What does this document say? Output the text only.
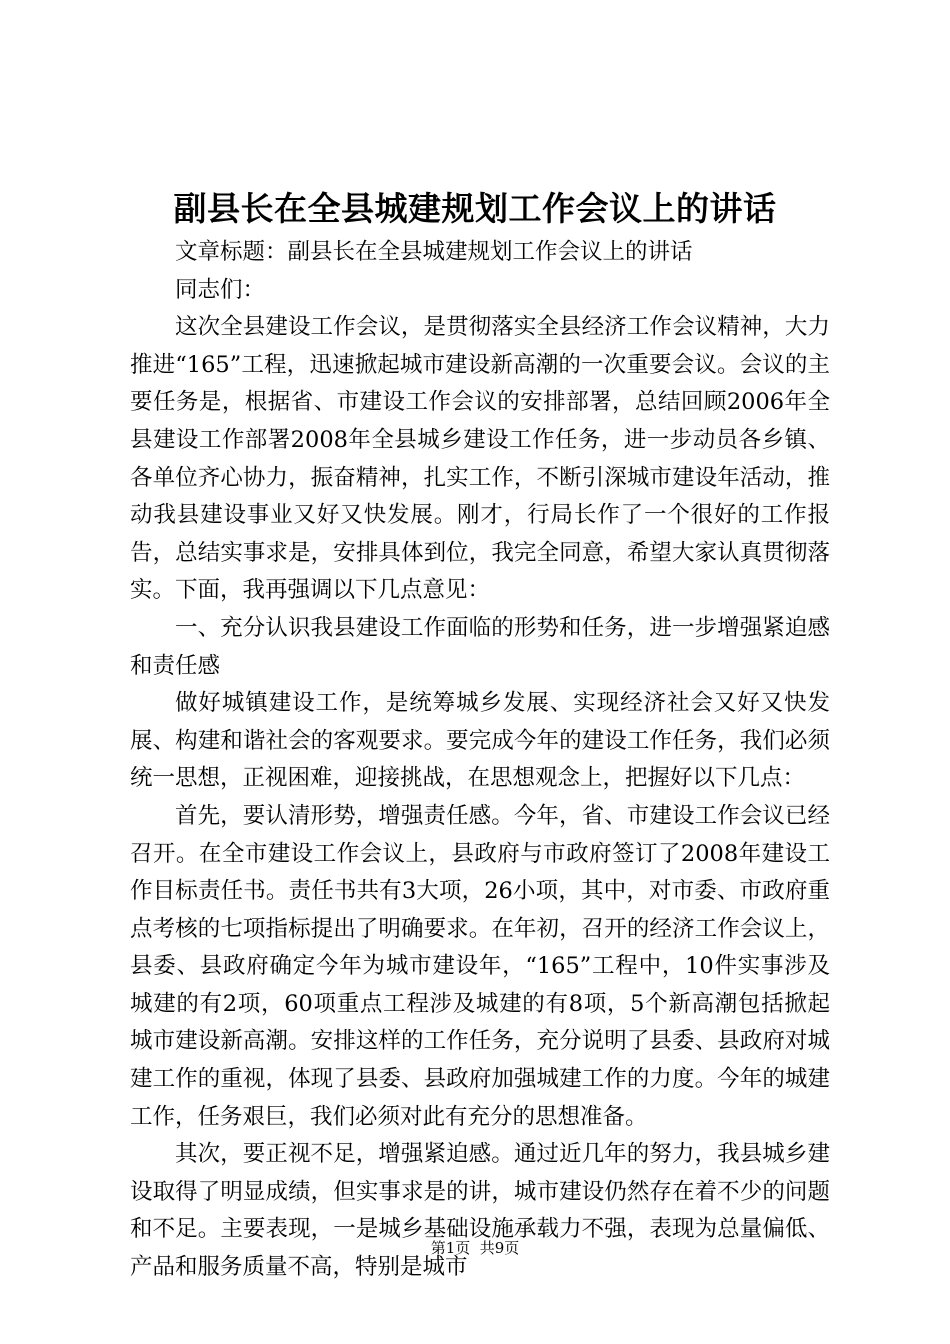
副县长在全县城建规划工作会议上的讲话

文章标题：副县长在全县城建规划工作会议上的讲话

同志们：

这次全县建设工作会议，是贯彻落实全县经济工作会议精神，大力推进“165”工程，迅速掀起城市建设新高潮的一次重要会议。会议的主要任务是，根据省、市建设工作会议的安排部署，总结回顾2006年全县建设工作部署2008年全县城乡建设工作任务，进一步动员各乡镇、各单位齐心协力，振奋精神，扎实工作，不断引深城市建设年活动，推动我县建设事业又好又快发展。刚才，行局长作了一个很好的工作报告，总结实事求是，安排具体到位，我完全同意，希望大家认真贯彻落实。下面，我再强调以下几点意见：

一、充分认识我县建设工作面临的形势和任务，进一步增强紧迫感和责任感

做好城镇建设工作，是统筹城乡发展、实现经济社会又好又快发展、构建和谐社会的客观要求。要完成今年的建设工作任务，我们必须统一思想，正视困难，迎接挑战，在思想观念上，把握好以下几点：

首先，要认清形势，增强责任感。今年，省、市建设工作会议已经召开。在全市建设工作会议上，县政府与市政府签订了2008年建设工作目标责任书。责任书共有3大项，26小项，其中，对市委、市政府重点考核的七项指标提出了明确要求。在年初，召开的经济工作会议上，县委、县政府确定今年为城市建设年，“165”工程中，10件实事涉及城建的有2项，60项重点工程涉及城建的有8项，5个新高潮包括掀起城市建设新高潮。安排这样的工作任务，充分说明了县委、县政府对城建工作的重视，体现了县委、县政府加强城建工作的力度。今年的城建工作，任务艰巨，我们必须对此有充分的思想准备。

其次，要正视不足，增强紧迫感。通过近几年的努力，我县城乡建设取得了明显成绩，但实事求是的讲，城市建设仍然存在着不少的问题和不足。主要表现，一是城乡基础设施承载力不强，表现为总量偏低、产品和服务质量不高，特别是城市

第1页  共9页
